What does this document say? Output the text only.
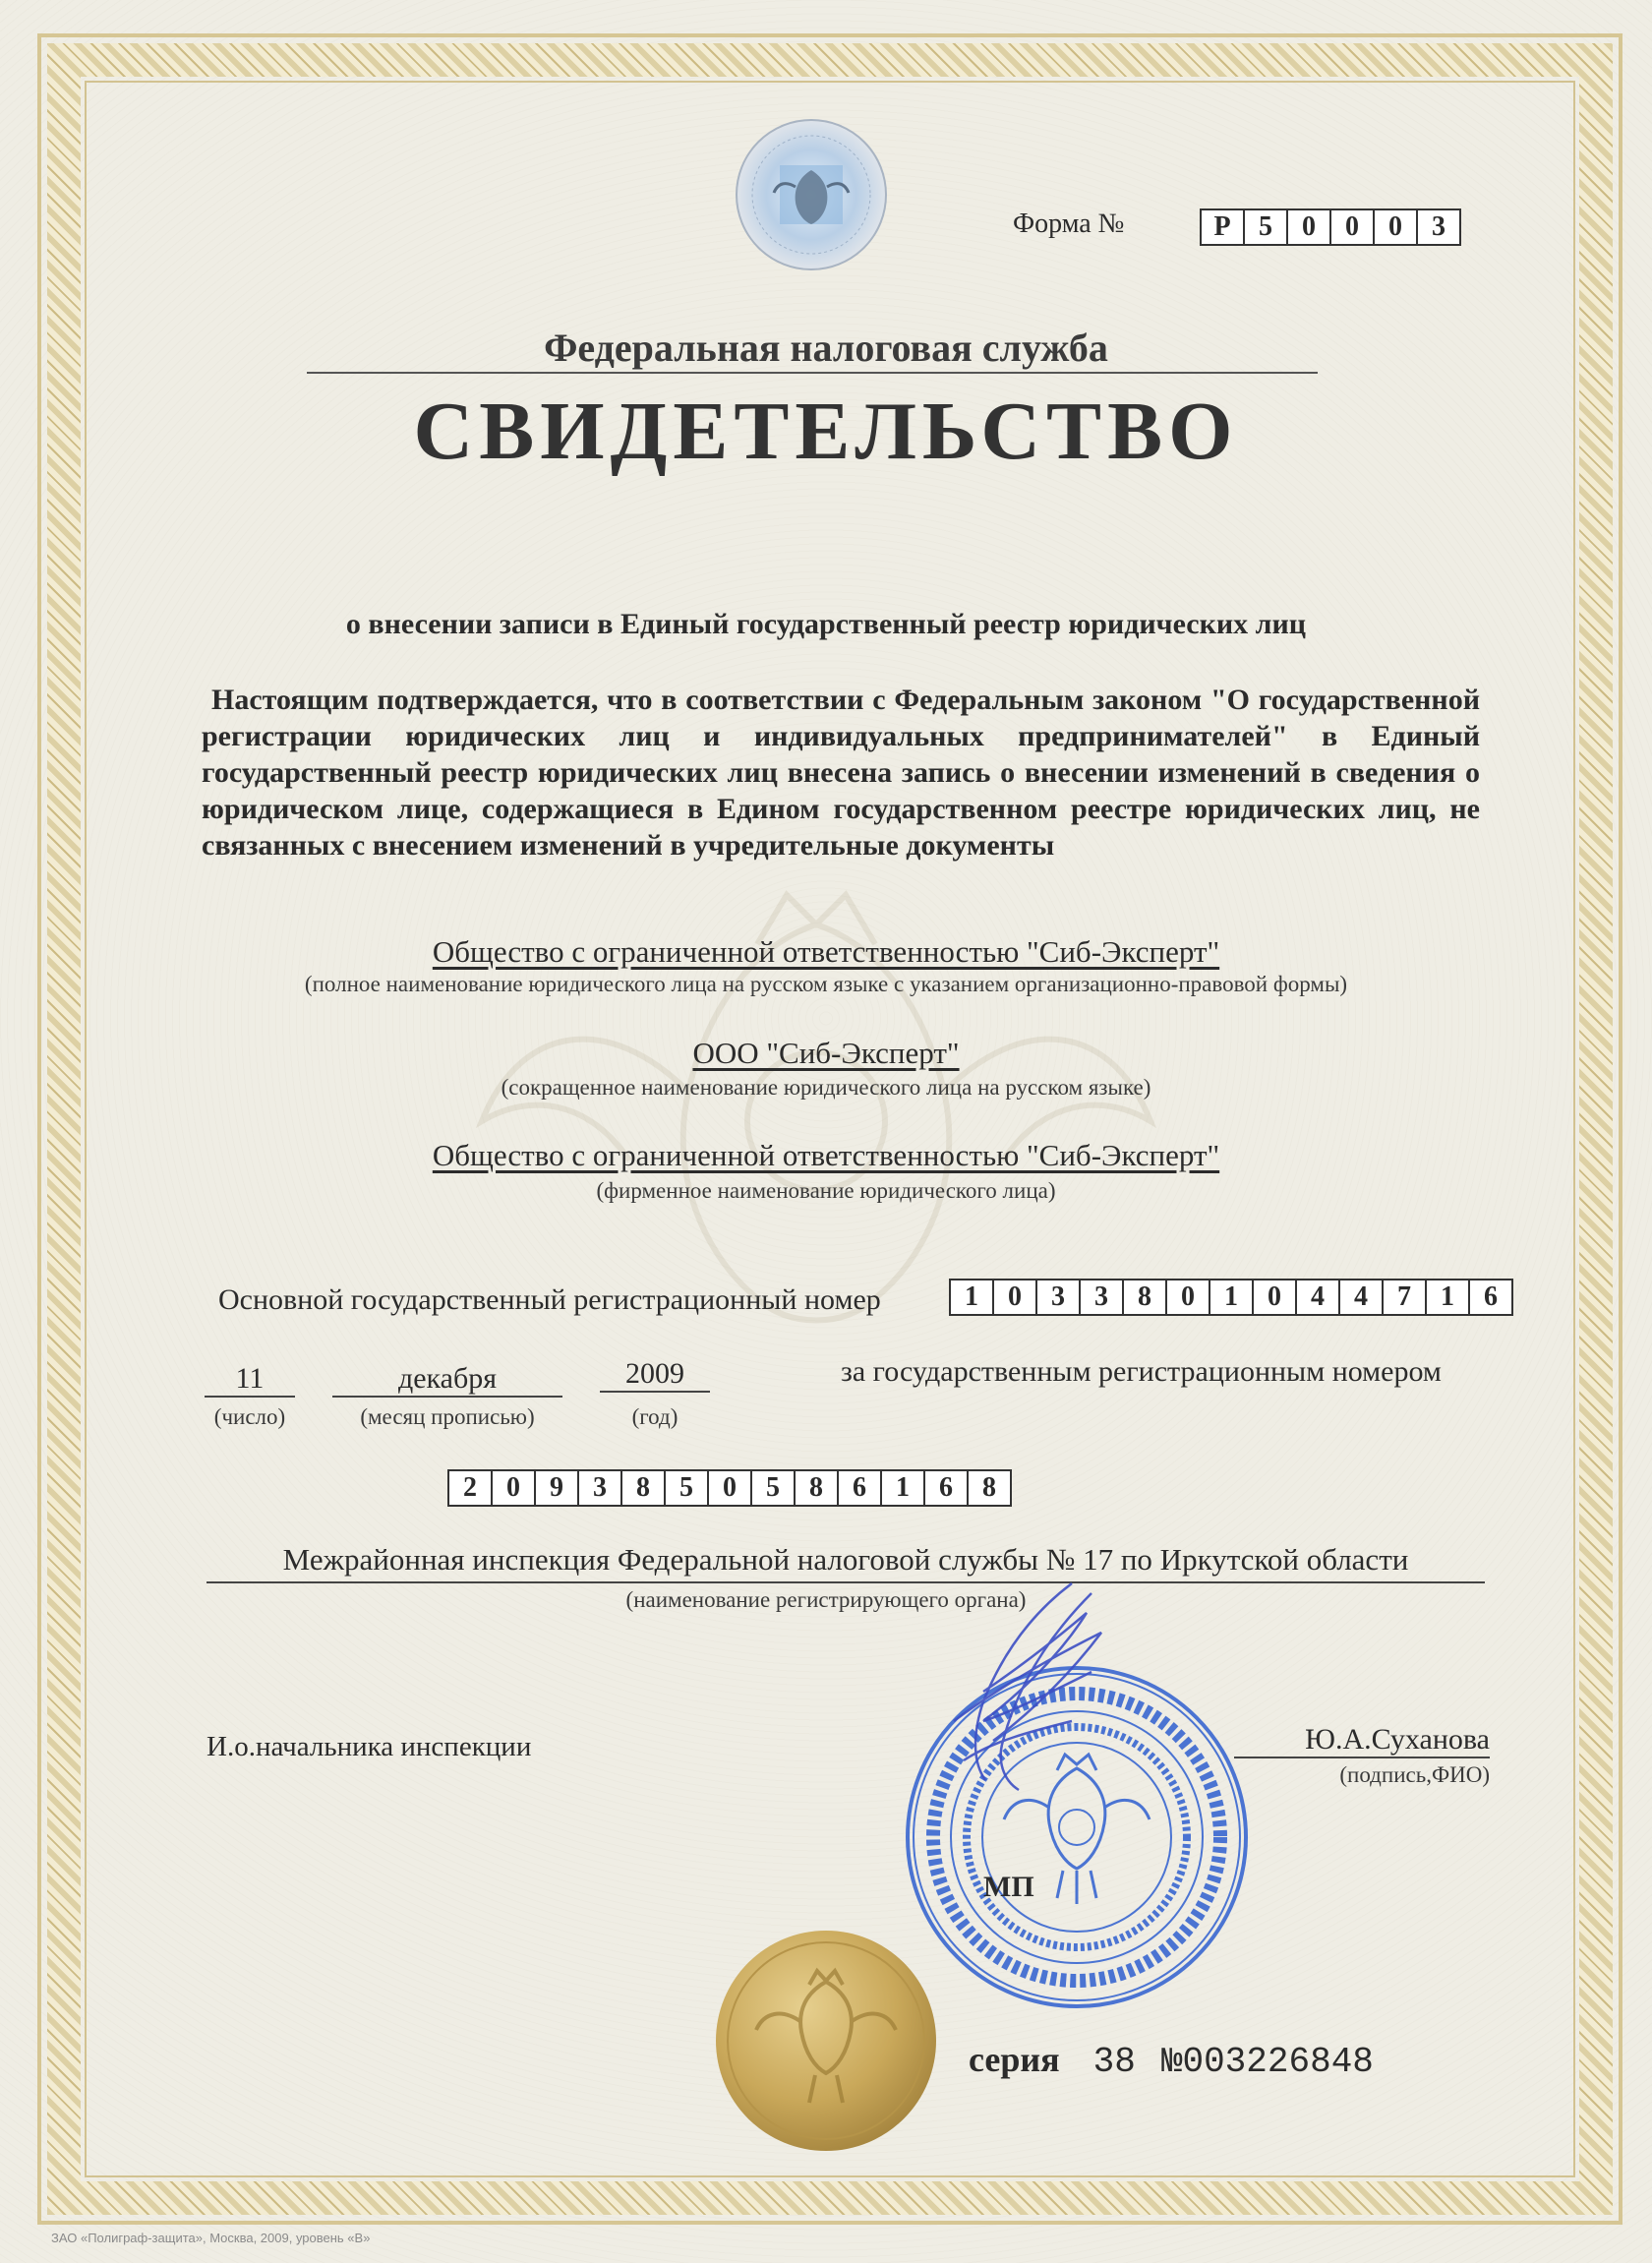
Форма №	Р	5	0	0	0	3
Федеральная налоговая служба
СВИДЕТЕЛЬСТВО
о внесении записи в Единый государственный реестр юридических лиц
Настоящим подтверждается, что в соответствии с Федеральным законом "О государственной регистрации юридических лиц и индивидуальных предпринимателей" в Единый государственный реестр юридических лиц внесена запись о внесении изменений в сведения о юридическом лице, содержащиеся в Едином государственном реестре юридических лиц, не связанных с внесением изменений в учредительные документы
Общество с ограниченной ответственностью "Сиб-Эксперт"
(полное наименование юридического лица на русском языке с указанием организационно-правовой формы)
ООО "Сиб-Эксперт"
(сокращенное наименование юридического лица на русском языке)
Общество с ограниченной ответственностью "Сиб-Эксперт"
(фирменное наименование юридического лица)
Основной государственный регистрационный номер	1	0	3	3	8	0	1	0	4	4	7	1	6
11
(число)
декабря
(месяц прописью)
2009
(год)
за государственным регистрационным номером
2	0	9	3	8	5	0	5	8	6	1	6	8
Межрайонная инспекция Федеральной налоговой службы № 17 по Иркутской области
(наименование регистрирующего органа)
И.о.начальника инспекции	Ю.А.Суханова
(подпись,ФИО)
МП
серия 38 №003226848
ЗАО «Полиграф-защита», Москва, 2009, уровень «В»
